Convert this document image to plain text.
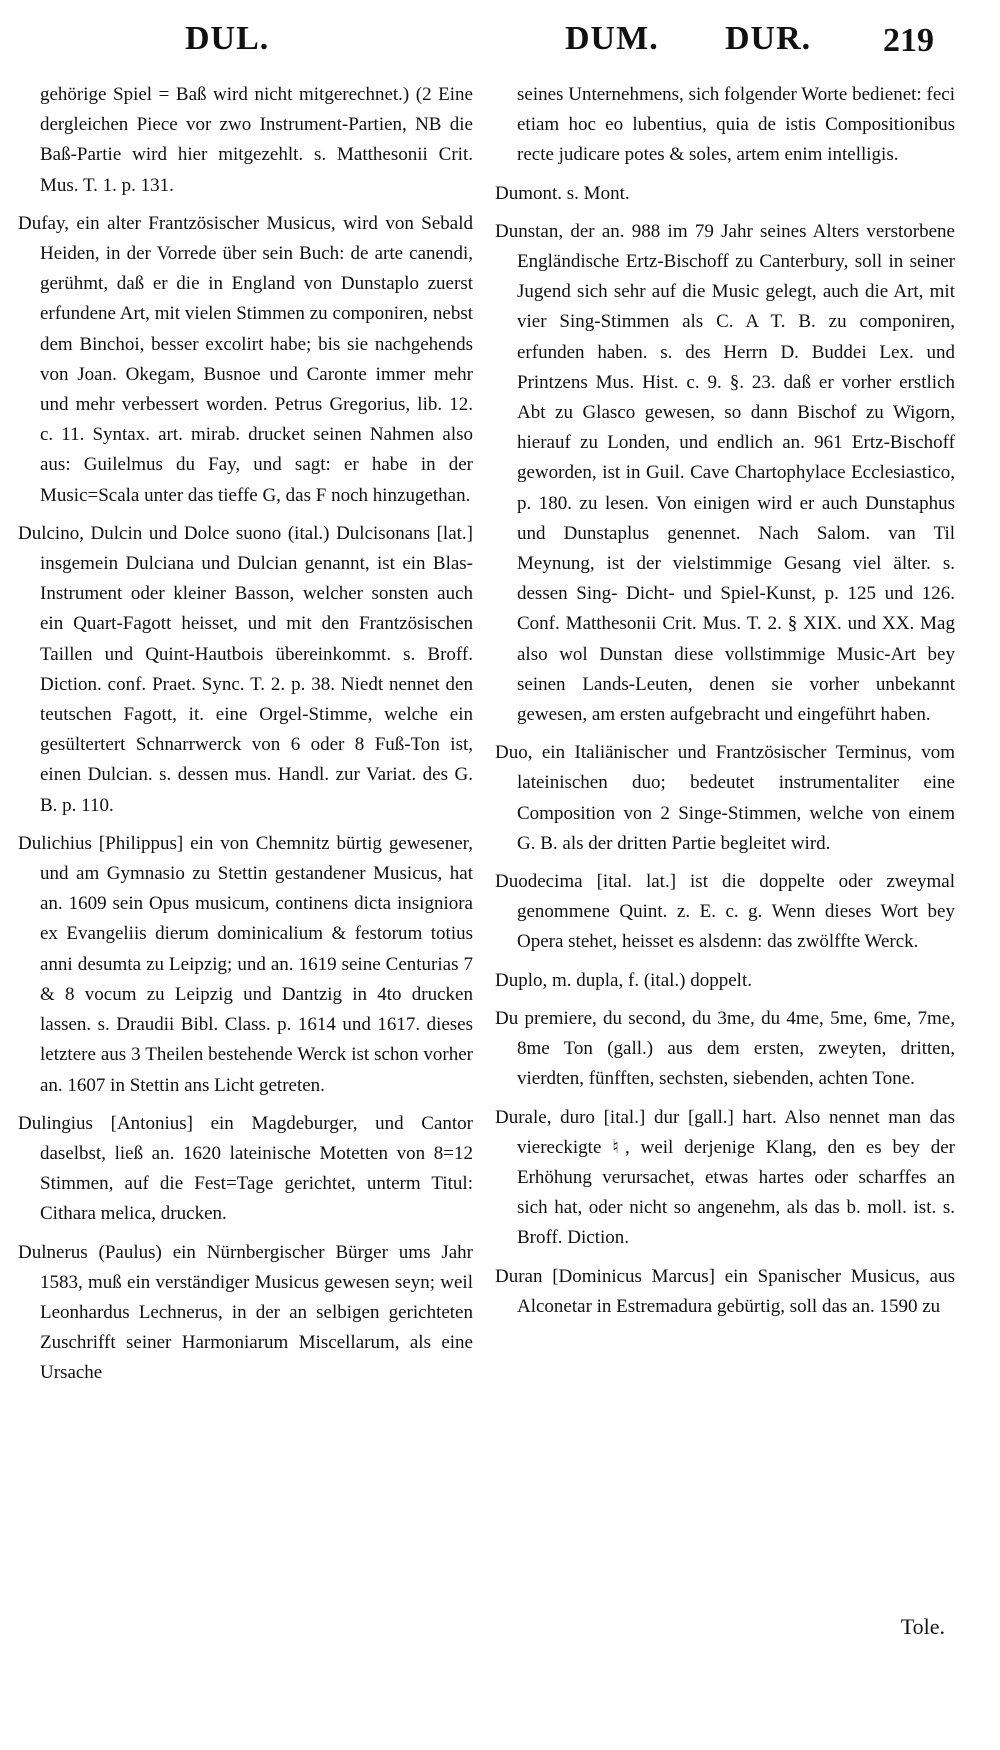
DUL.	DUM. DUR. 219

gehörige Spiel = Baß wird nicht mitgerechnet.) (2 Eine dergleichen Piece vor zwo Instrument-Partien, NB die Baß-Partie wird hier mitgezehlt. s. Matthesonii Crit. Mus. T. 1. p. 131.

Dufay, ein alter Frantzösischer Musicus, wird von Sebald Heiden, in der Vorrede über sein Buch: de arte canendi, gerühmt, daß er die in England von Dunstaplo zuerst erfundene Art, mit vielen Stimmen zu componiren, nebst dem Binchoi, besser excolirt habe; bis sie nachgehends von Joan. Okegam, Busnoe und Caronte immer mehr und mehr verbessert worden. Petrus Gregorius, lib. 12. c. 11. Syntax. art. mirab. drucket seinen Nahmen also aus: Guilelmus du Fay, und sagt: er habe in der Music=Scala unter das tieffe G, das F noch hinzugethan.

Dulcino, Dulcin und Dolce suono (ital.) Dulcisonans [lat.] insgemein Dulciana und Dulcian genannt, ist ein Blas-Instrument oder kleiner Basson, welcher sonsten auch ein Quart-Fagott heisset, und mit den Frantzösischen Taillen und Quint-Hautbois übereinkommt. s. Broff. Diction. conf. Praet. Sync. T. 2. p. 38. Niedt nennet den teutschen Fagott, it. eine Orgel-Stimme, welche ein gesültertert Schnarrwerck von 6 oder 8 Fuß-Ton ist, einen Dulcian. s. dessen mus. Handl. zur Variat. des G. B. p. 110.

Dulichius [Philippus] ein von Chemnitz bürtig gewesener, und am Gymnasio zu Stettin gestandener Musicus, hat an. 1609 sein Opus musicum, continens dicta insigniora ex Evangeliis dierum dominicalium & festorum totius anni desumta zu Leipzig; und an. 1619 seine Centurias 7 & 8 vocum zu Leipzig und Dantzig in 4to drucken lassen. s. Draudii Bibl. Class. p. 1614 und 1617. dieses letztere aus 3 Theilen bestehende Werck ist schon vorher an. 1607 in Stettin ans Licht getreten.

Dulingius [Antonius] ein Magdeburger, und Cantor daselbst, ließ an. 1620 lateinische Motetten von 8=12 Stimmen, auf die Fest=Tage gerichtet, unterm Titul: Cithara melica, drucken.

Dulnerus (Paulus) ein Nürnbergischer Bürger ums Jahr 1583, muß ein verständiger Musicus gewesen seyn; weil Leonhardus Lechnerus, in der an selbigen gerichteten Zuschrifft seiner Harmoniarum Miscellarum, als eine Ursache

seines Unternehmens, sich folgender Worte bedienet: feci etiam hoc eo lubentius, quia de istis Compositionibus recte judicare potes & soles, artem enim intelligis.

Dumont. s. Mont.

Dunstan, der an. 988 im 79 Jahr seines Alters verstorbene Engländische Ertz-Bischoff zu Canterbury, soll in seiner Jugend sich sehr auf die Music gelegt, auch die Art, mit vier Sing-Stimmen als C. A T. B. zu componiren, erfunden haben. s. des Herrn D. Buddei Lex. und Printzens Mus. Hist. c. 9. §. 23. daß er vorher erstlich Abt zu Glasco gewesen, so dann Bischof zu Wigorn, hierauf zu Londen, und endlich an. 961 Ertz-Bischoff geworden, ist in Guil. Cave Chartophylace Ecclesiastico, p. 180. zu lesen. Von einigen wird er auch Dunstaphus und Dunstaplus genennet. Nach Salom. van Til Meynung, ist der vielstimmige Gesang viel älter. s. dessen Sing- Dicht- und Spiel-Kunst, p. 125 und 126. Conf. Matthesonii Crit. Mus. T. 2. § XIX. und XX. Mag also wol Dunstan diese vollstimmige Music-Art bey seinen Lands-Leuten, denen sie vorher unbekannt gewesen, am ersten aufgebracht und eingeführt haben.

Duo, ein Italiänischer und Frantzösischer Terminus, vom lateinischen duo; bedeutet instrumentaliter eine Composition von 2 Singe-Stimmen, welche von einem G. B. als der dritten Partie begleitet wird.

Duodecima [ital. lat.] ist die doppelte oder zweymal genommene Quint. z. E. c. g. Wenn dieses Wort bey Opera stehet, heisset es alsdenn: das zwölffte Werck.

Duplo, m. dupla, f. (ital.) doppelt.

Du premiere, du second, du 3me, du 4me, 5me, 6me, 7me, 8me Ton (gall.) aus dem ersten, zweyten, dritten, vierdten, fünfften, sechsten, siebenden, achten Tone.

Durale, duro [ital.] dur [gall.] hart. Also nennet man das viereckigte ♮, weil derjenige Klang, den es bey der Erhöhung verursachet, etwas hartes oder scharffes an sich hat, oder nicht so angenehm, als das b. moll. ist. s. Broff. Diction.

Duran [Dominicus Marcus] ein Spanischer Musicus, aus Alconetar in Estremadura gebürtig, soll das an. 1590 zu

Tole.
